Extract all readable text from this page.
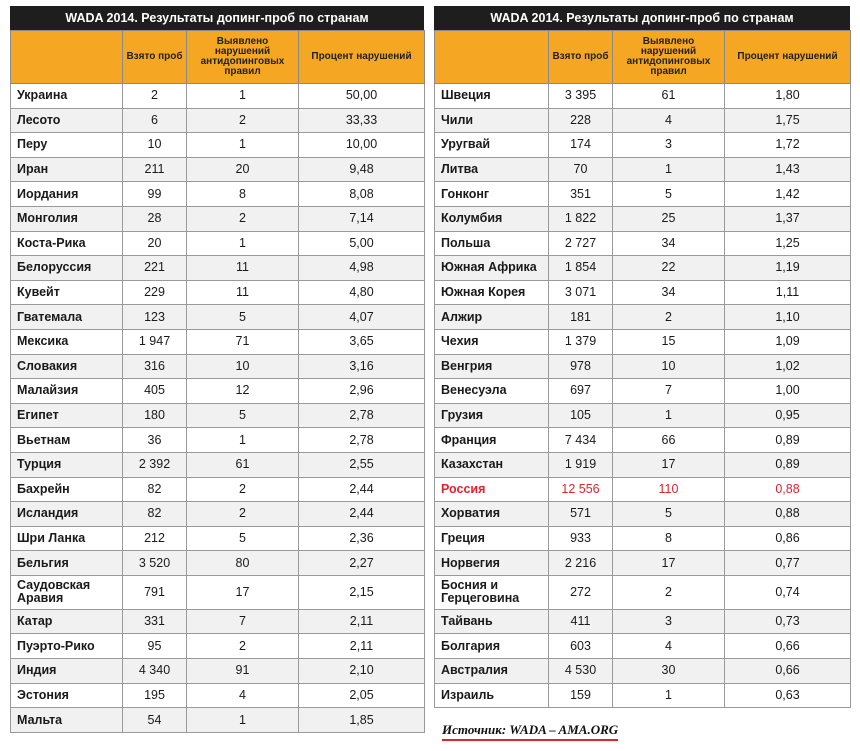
WADA 2014. Результаты допинг-проб по странам
	Взято проб	Выявлено нарушений антидопинговых правил	Процент нарушений
Украина	2	1	50,00
Лесото	6	2	33,33
Перу	10	1	10,00
Иран	211	20	9,48
Иордания	99	8	8,08
Монголия	28	2	7,14
Коста-Рика	20	1	5,00
Белоруссия	221	11	4,98
Кувейт	229	11	4,80
Гватемала	123	5	4,07
Мексика	1 947	71	3,65
Словакия	316	10	3,16
Малайзия	405	12	2,96
Египет	180	5	2,78
Вьетнам	36	1	2,78
Турция	2 392	61	2,55
Бахрейн	82	2	2,44
Исландия	82	2	2,44
Шри Ланка	212	5	2,36
Бельгия	3 520	80	2,27
Саудовская Аравия	791	17	2,15
Катар	331	7	2,11
Пуэрто-Рико	95	2	2,11
Индия	4 340	91	2,10
Эстония	195	4	2,05
Мальта	54	1	1,85
WADA 2014. Результаты допинг-проб по странам
	Взято проб	Выявлено нарушений антидопинговых правил	Процент нарушений
Швеция	3 395	61	1,80
Чили	228	4	1,75
Уругвай	174	3	1,72
Литва	70	1	1,43
Гонконг	351	5	1,42
Колумбия	1 822	25	1,37
Польша	2 727	34	1,25
Южная Африка	1 854	22	1,19
Южная Корея	3 071	34	1,11
Алжир	181	2	1,10
Чехия	1 379	15	1,09
Венгрия	978	10	1,02
Венесуэла	697	7	1,00
Грузия	105	1	0,95
Франция	7 434	66	0,89
Казахстан	1 919	17	0,89
Россия	12 556	110	0,88
Хорватия	571	5	0,88
Греция	933	8	0,86
Норвегия	2 216	17	0,77
Босния и Герцеговина	272	2	0,74
Тайвань	411	3	0,73
Болгария	603	4	0,66
Австралия	4 530	30	0,66
Израиль	159	1	0,63
Источник: WADA – AMA.ORG
